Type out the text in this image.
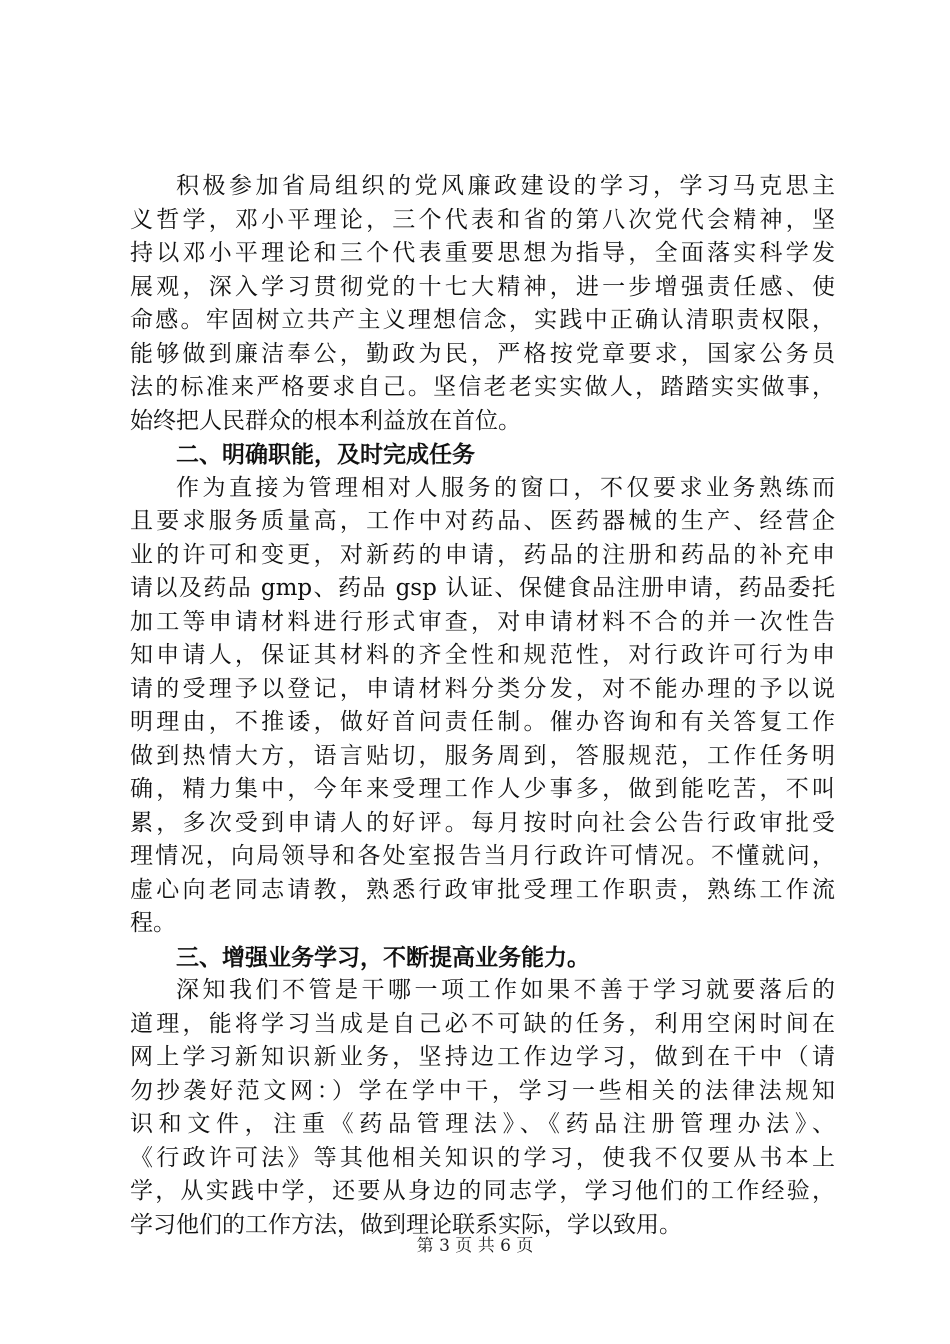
积极参加省局组织的党风廉政建设的学习，学习马克思主
义哲学，邓小平理论，三个代表和省的第八次党代会精神，坚
持以邓小平理论和三个代表重要思想为指导，全面落实科学发
展观，深入学习贯彻党的十七大精神，进一步增强责任感、使
命感。牢固树立共产主义理想信念，实践中正确认清职责权限，
能够做到廉洁奉公，勤政为民，严格按党章要求，国家公务员
法的标准来严格要求自己。坚信老老实实做人，踏踏实实做事，
始终把人民群众的根本利益放在首位。
二、明确职能，及时完成任务
作为直接为管理相对人服务的窗口，不仅要求业务熟练而
且要求服务质量高，工作中对药品、医药器械的生产、经营企
业的许可和变更，对新药的申请，药品的注册和药品的补充申
请以及药品 gmp、药品 gsp 认证、保健食品注册申请，药品委托
加工等申请材料进行形式审查，对申请材料不合的并一次性告
知申请人，保证其材料的齐全性和规范性，对行政许可行为申
请的受理予以登记，申请材料分类分发，对不能办理的予以说
明理由，不推诿，做好首问责任制。催办咨询和有关答复工作
做到热情大方，语言贴切，服务周到，答服规范，工作任务明
确，精力集中，今年来受理工作人少事多，做到能吃苦，不叫
累，多次受到申请人的好评。每月按时向社会公告行政审批受
理情况，向局领导和各处室报告当月行政许可情况。不懂就问，
虚心向老同志请教，熟悉行政审批受理工作职责，熟练工作流
程。
三、增强业务学习，不断提高业务能力。
深知我们不管是干哪一项工作如果不善于学习就要落后的
道理，能将学习当成是自己必不可缺的任务，利用空闲时间在
网上学习新知识新业务，坚持边工作边学习，做到在干中（请
勿抄袭好范文网：）学在学中干，学习一些相关的法律法规知
识和文件，注重《药品管理法》、《药品注册管理办法》、
《行政许可法》等其他相关知识的学习，使我不仅要从书本上
学，从实践中学，还要从身边的同志学，学习他们的工作经验，
学习他们的工作方法，做到理论联系实际，学以致用。
第 3 页 共 6 页
